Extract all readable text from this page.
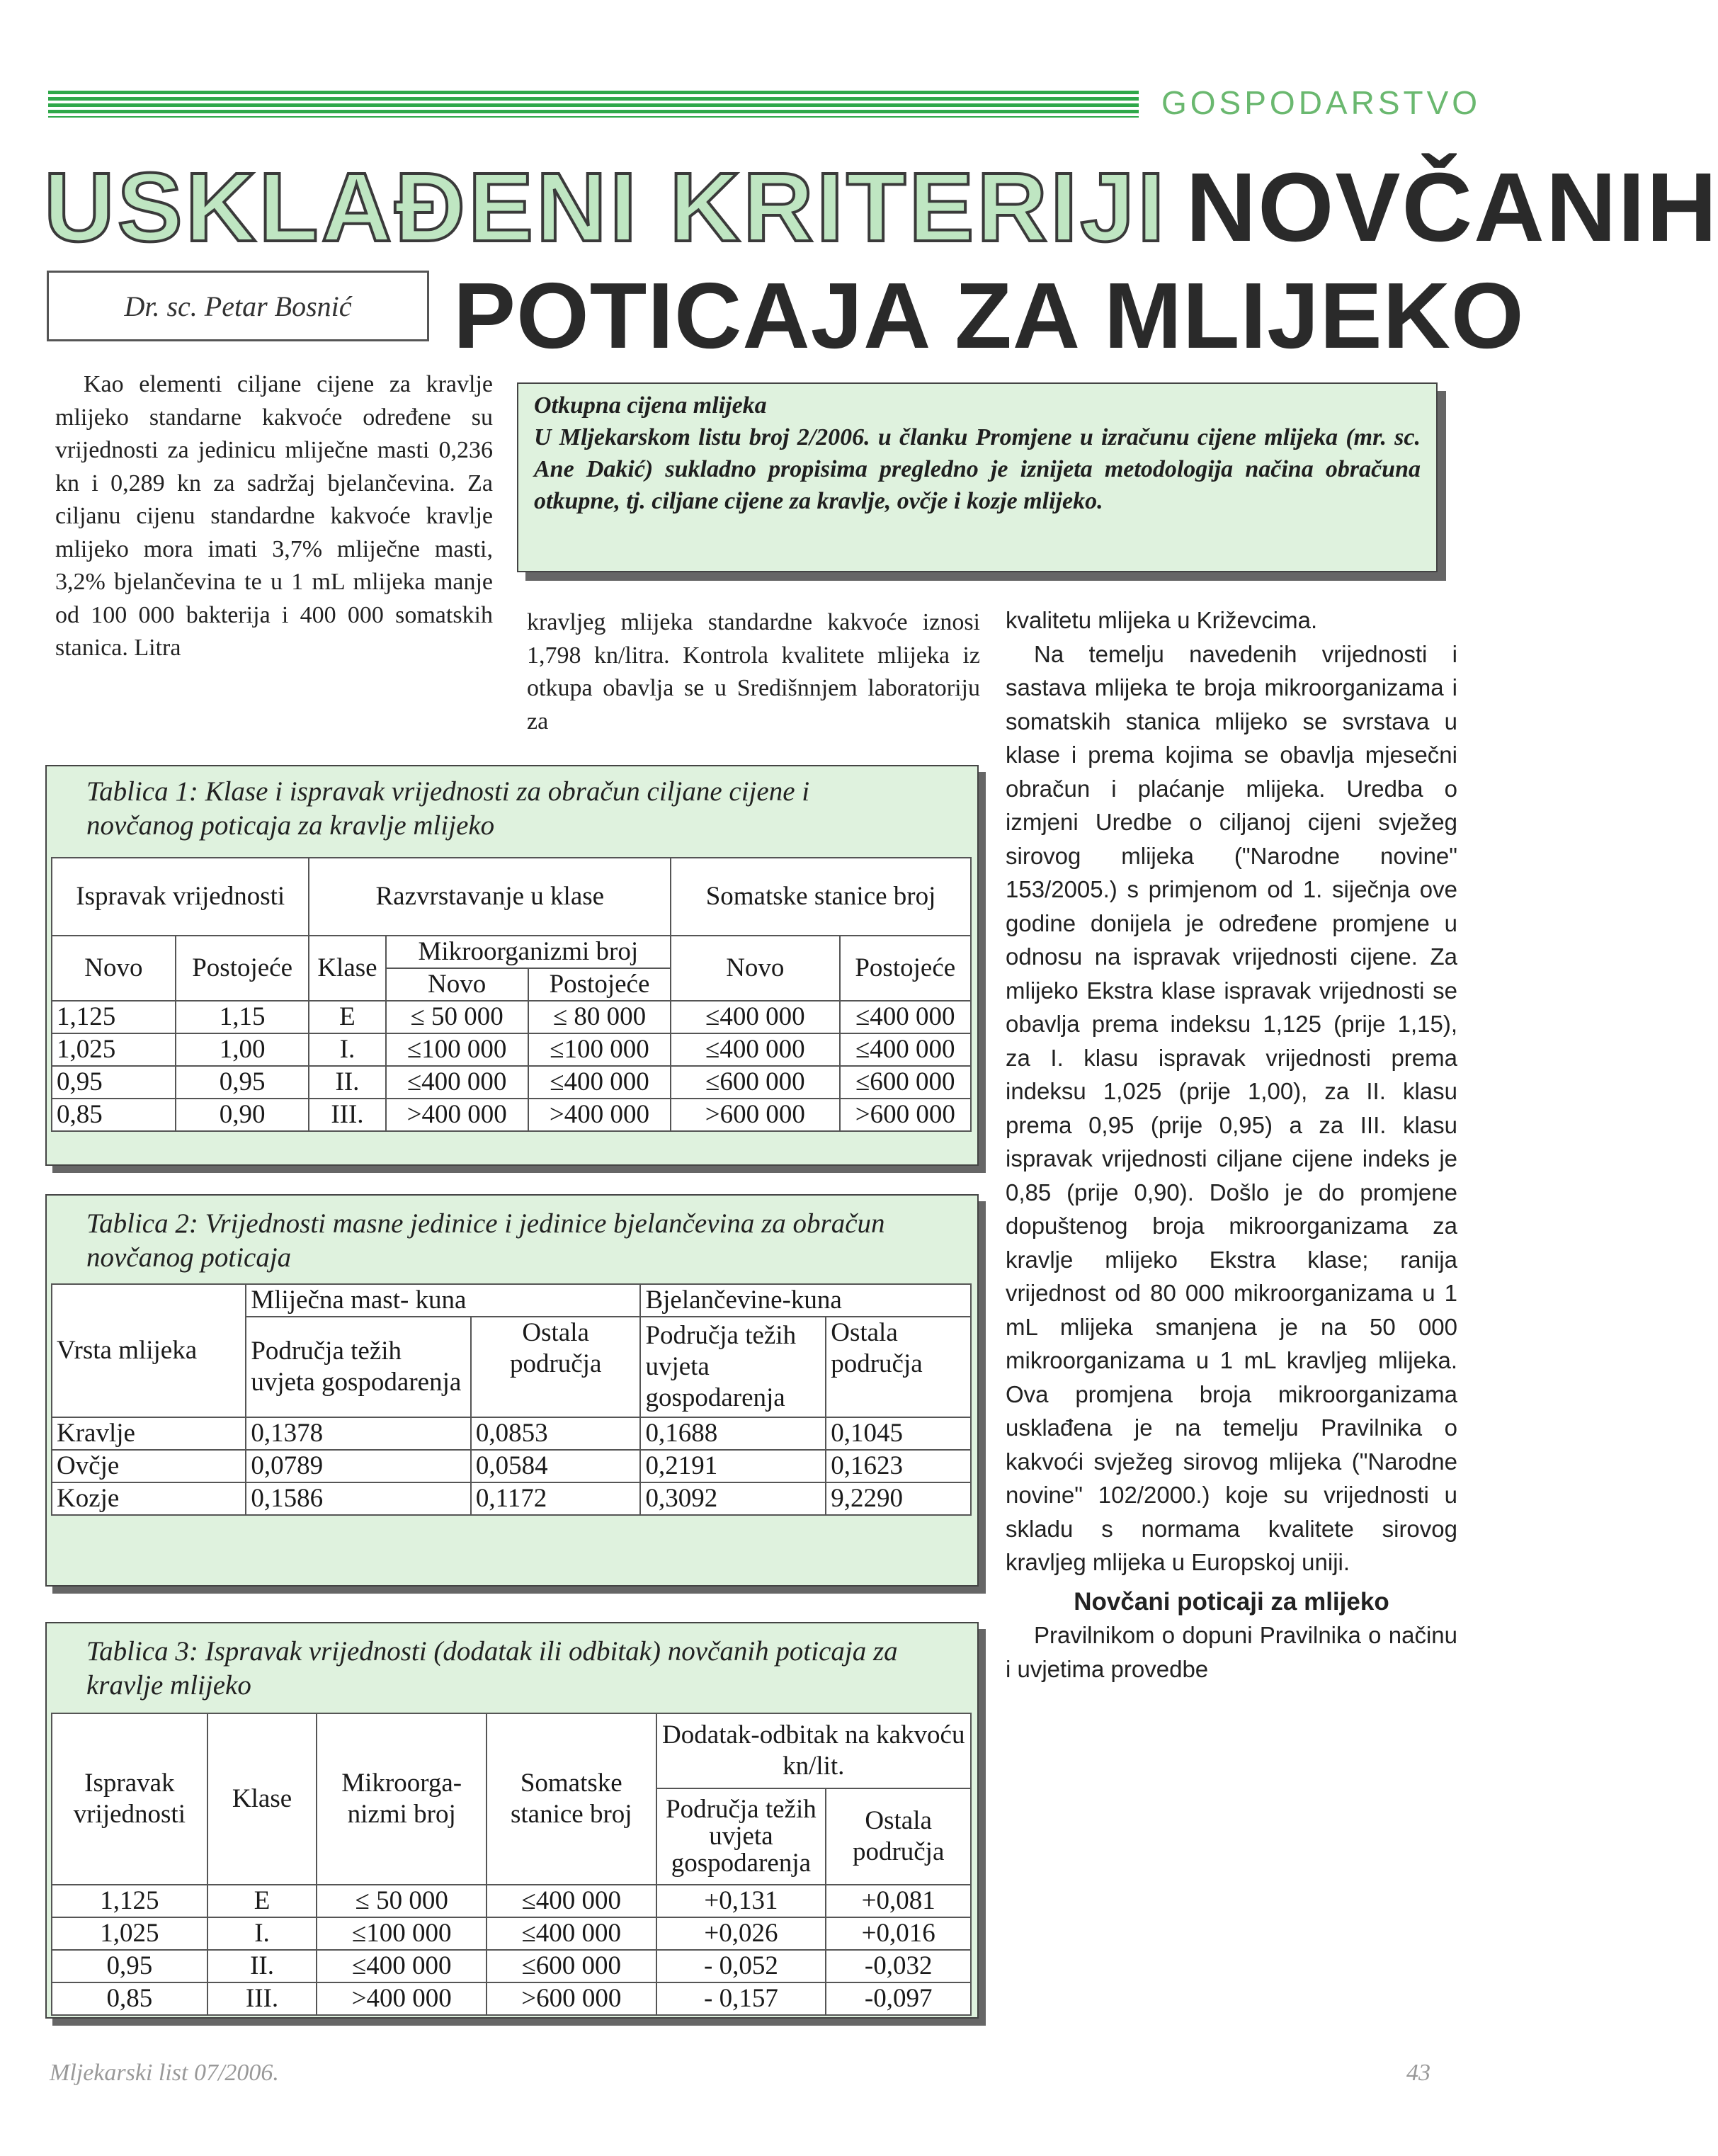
GOSPODARSTVO
USKLAĐENI KRITERIJI NOVČANIH
POTICAJA ZA MLIJEKO
Dr. sc. Petar Bosnić

Kao elementi ciljane cijene za kravlje mlijeko standarne kakvoće određene su vrijednosti za jedinicu mliječne masti 0,236 kn i 0,289 kn za sadržaj bjelančevina. Za ciljanu cijenu standardne kakvoće kravlje mlijeko mora imati 3,7% mliječne masti, 3,2% bjelančevina te u 1 mL mlijeka manje od 100 000 bakterija i 400 000 somatskih stanica. Litra

Otkupna cijena mlijeka
U Mljekarskom listu broj 2/2006. u članku Promjene u izračunu cijene mlijeka (mr. sc. Ane Dakić) sukladno propisima pregledno je iznijeta metodologija načina obračuna otkupne, tj. ciljane cijene za kravlje, ovčje i kozje mlijeko.

kravljeg mlijeka standardne kakvoće iznosi 1,798 kn/litra. Kontrola kvalitete mlijeka iz otkupa obavlja se u Središnnjem laboratoriju za

kvalitetu mlijeka u Križevcima.

Na temelju navedenih vrijednosti i sastava mlijeka te broja mikroorganizama i somatskih stanica mlijeko se svrstava u klase i prema kojima se obavlja mjesečni obračun i plaćanje mlijeka. Uredba o izmjeni Uredbe o ciljanoj cijeni svježeg sirovog mlijeka ("Narodne novine" 153/2005.) s primjenom od 1. siječnja ove godine donijela je određene promjene u odnosu na ispravak vrijednosti cijene. Za mlijeko Ekstra klase ispravak vrijednosti se obavlja prema indeksu 1,125 (prije 1,15), za I. klasu ispravak vrijednosti prema indeksu 1,025 (prije 1,00), za II. klasu prema 0,95 (prije 0,95) a za III. klasu ispravak vrijednosti ciljane cijene indeks je 0,85 (prije 0,90). Došlo je do promjene dopuštenog broja mikroorganizama za kravlje mlijeko Ekstra klase; ranija vrijednost od 80 000 mikroorganizama u 1 mL mlijeka smanjena je na 50 000 mikroorganizama u 1 mL kravljeg mlijeka. Ova promjena broja mikroorganizama usklađena je na temelju Pravilnika o kakvoći svježeg sirovog mlijeka ("Narodne novine" 102/2000.) koje su vrijednosti u skladu s normama kvalitete sirovog kravljeg mlijeka u Europskoj uniji.

Novčani poticaji za mlijeko

Pravilnikom o dopuni Pravilnika o načinu i uvjetima provedbe

Tablica 1: Klase i ispravak vrijednosti za obračun ciljane cijene i novčanog poticaja za kravlje mlijeko
Ispravak vrijednosti		Razvrstavanje u klase			Somatske stanice broj	
Novo	Postojeće	Klase	Mikroorganizmi broj		Novo	Postojeće
			Novo	Postojeće		
1,125	1,15	E	≤ 50 000	≤ 80 000	≤400 000	≤400 000
1,025	1,00	I.	≤100 000	≤100 000	≤400 000	≤400 000
0,95	0,95	II.	≤400 000	≤400 000	≤600 000	≤600 000
0,85	0,90	III.	>400 000	>400 000	>600 000	>600 000
Tablica 2: Vrijednosti masne jedinice i jedinice bjelančevina za obračun novčanog poticaja
Vrsta mlijeka	Mliječna mast- kuna		Bjelančevine-kuna	
	Područja težih uvjeta gospodarenja	Ostala područja	Područja težih uvjeta gospodarenja	Ostala područja
Kravlje	0,1378	0,0853	0,1688	0,1045
Ovčje	0,0789	0,0584	0,2191	0,1623
Kozje	0,1586	0,1172	0,3092	9,2290
Tablica 3: Ispravak vrijednosti (dodatak ili odbitak) novčanih poticaja za kravlje mlijeko
Ispravak vrijednosti	Klase	Mikroorga- nizmi broj	Somatske stanice broj	Dodatak-odbitak na kakvoću kn/lit.	
				Područja težih uvjeta gospodarenja	Ostala područja
1,125	E	≤ 50 000	≤400 000	+0,131	+0,081
1,025	I.	≤100 000	≤400 000	+0,026	+0,016
0,95	II.	≤400 000	≤600 000	- 0,052	-0,032
0,85	III.	>400 000	>600 000	- 0,157	-0,097
Mljekarski list 07/2006.	43
